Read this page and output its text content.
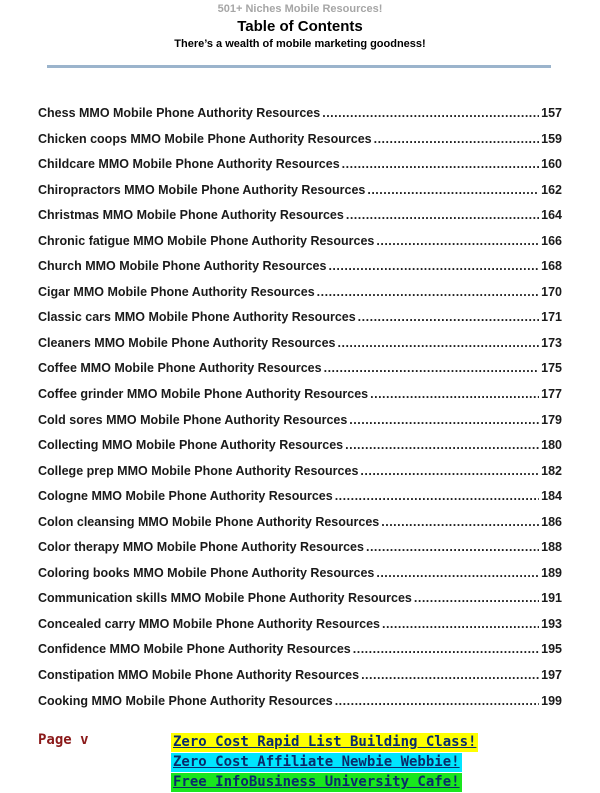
501+ Niches Mobile Resources!
Table of Contents
There’s a wealth of mobile marketing goodness!
Chess MMO Mobile Phone Authority Resources .....	157
Chicken coops MMO Mobile Phone Authority Resources .....	159
Childcare MMO Mobile Phone Authority Resources .....	160
Chiropractors MMO Mobile Phone Authority Resources .....	162
Christmas MMO Mobile Phone Authority Resources .....	164
Chronic fatigue MMO Mobile Phone Authority Resources .....	166
Church MMO Mobile Phone Authority Resources .....	168
Cigar MMO Mobile Phone Authority Resources .....	170
Classic cars MMO Mobile Phone Authority Resources .....	171
Cleaners MMO Mobile Phone Authority Resources .....	173
Coffee MMO Mobile Phone Authority Resources .....	175
Coffee grinder MMO Mobile Phone Authority Resources .....	177
Cold sores MMO Mobile Phone Authority Resources .....	179
Collecting MMO Mobile Phone Authority Resources .....	180
College prep MMO Mobile Phone Authority Resources .....	182
Cologne MMO Mobile Phone Authority Resources .....	184
Colon cleansing MMO Mobile Phone Authority Resources .....	186
Color therapy MMO Mobile Phone Authority Resources .....	188
Coloring books MMO Mobile Phone Authority Resources .....	189
Communication skills MMO Mobile Phone Authority Resources .....	191
Concealed carry MMO Mobile Phone Authority Resources .....	193
Confidence MMO Mobile Phone Authority Resources .....	195
Constipation MMO Mobile Phone Authority Resources .....	197
Cooking MMO Mobile Phone Authority Resources .....	199
Page v	Zero Cost Rapid List Building Class!
Zero Cost Affiliate Newbie Webbie!
Free InfoBusiness University Cafe!
